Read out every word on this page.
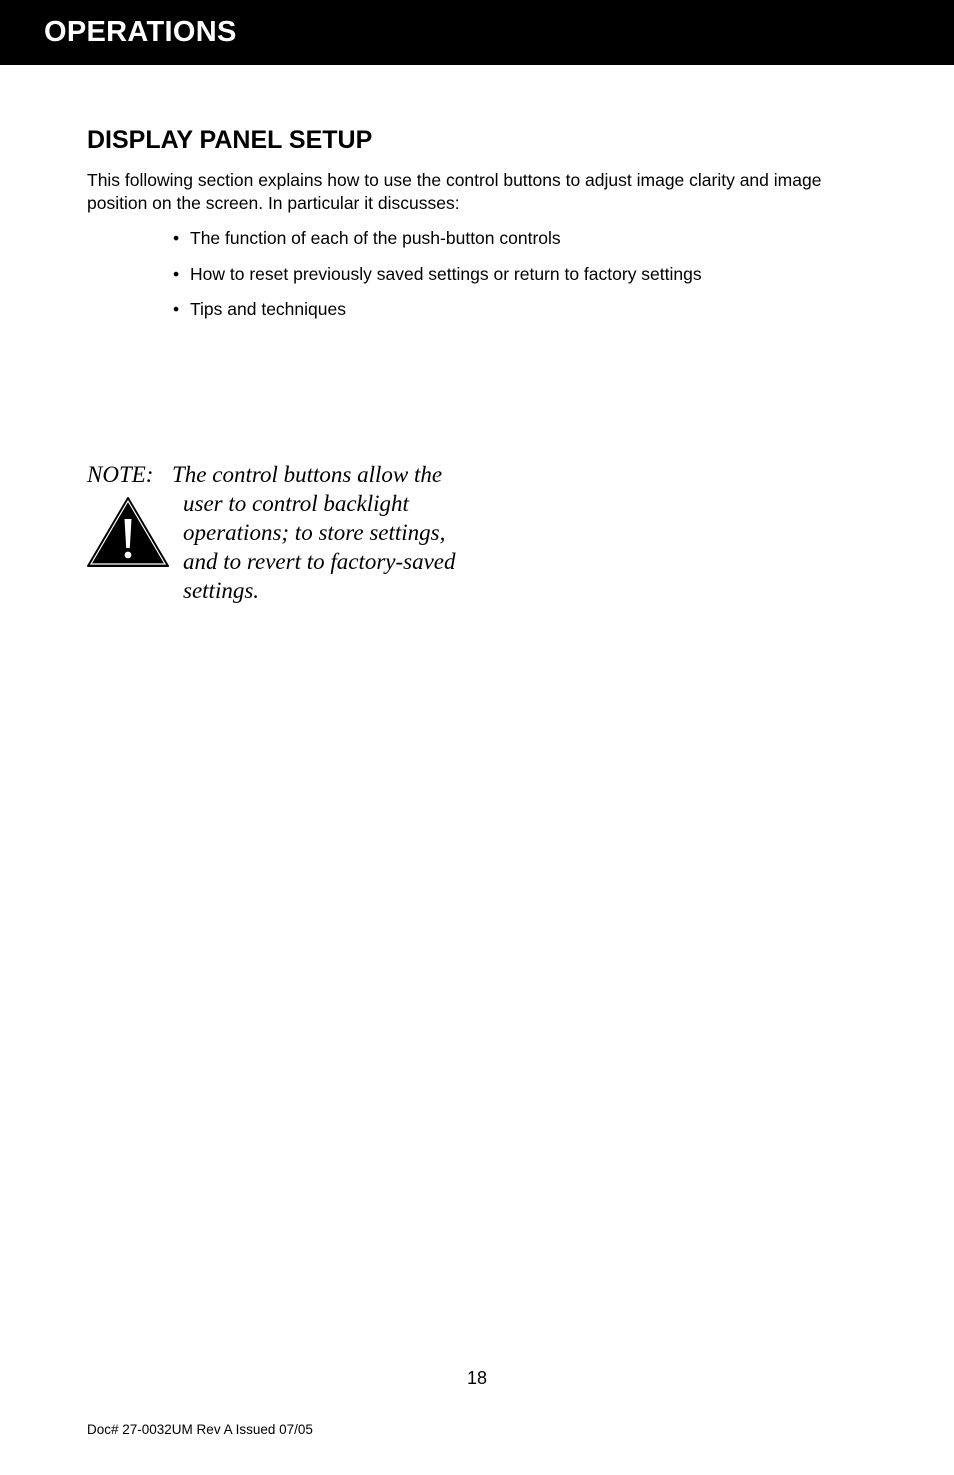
OPERATIONS
DISPLAY PANEL SETUP
This following section explains how to use the control buttons to adjust image clarity and image position on the screen. In particular it discusses:
• The function of each of the push-button controls
• How to reset previously saved settings or return to factory settings
• Tips and techniques
NOTE: The control buttons allow the user to control backlight operations; to store settings, and to revert to factory-saved settings.
18
Doc# 27-0032UM Rev A Issued 07/05
